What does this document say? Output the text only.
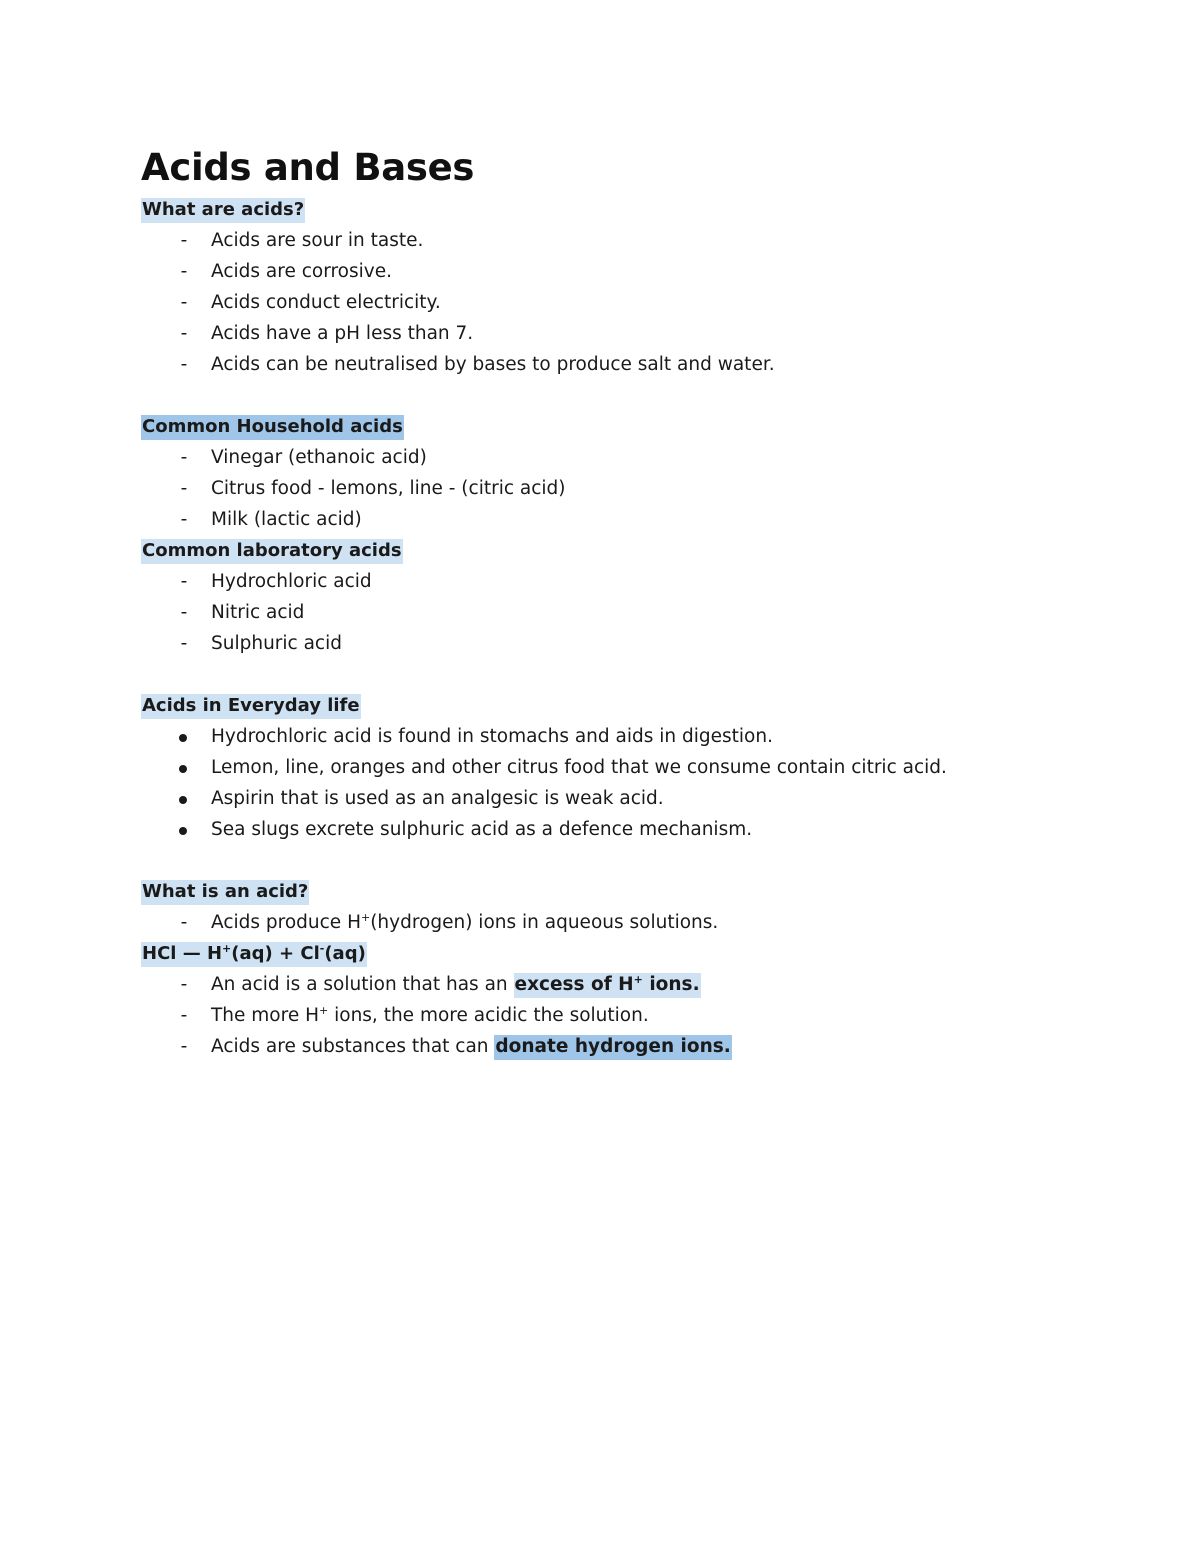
Acids and Bases
What are acids?
- Acids are sour in taste.
- Acids are corrosive.
- Acids conduct electricity.
- Acids have a pH less than 7.
- Acids can be neutralised by bases to produce salt and water.
Common Household acids
- Vinegar (ethanoic acid)
- Citrus food - lemons, line - (citric acid)
- Milk (lactic acid)
Common laboratory acids
- Hydrochloric acid
- Nitric acid
- Sulphuric acid
Acids in Everyday life
Hydrochloric acid is found in stomachs and aids in digestion.
Lemon, line, oranges and other citrus food that we consume contain citric acid.
Aspirin that is used as an analgesic is weak acid.
Sea slugs excrete sulphuric acid as a defence mechanism.
What is an acid?
- Acids produce H+(hydrogen) ions in aqueous solutions.
HCl — H+(aq) + Cl-(aq)
- An acid is a solution that has an excess of H+ ions.
- The more H+ ions, the more acidic the solution.
- Acids are substances that can donate hydrogen ions.
